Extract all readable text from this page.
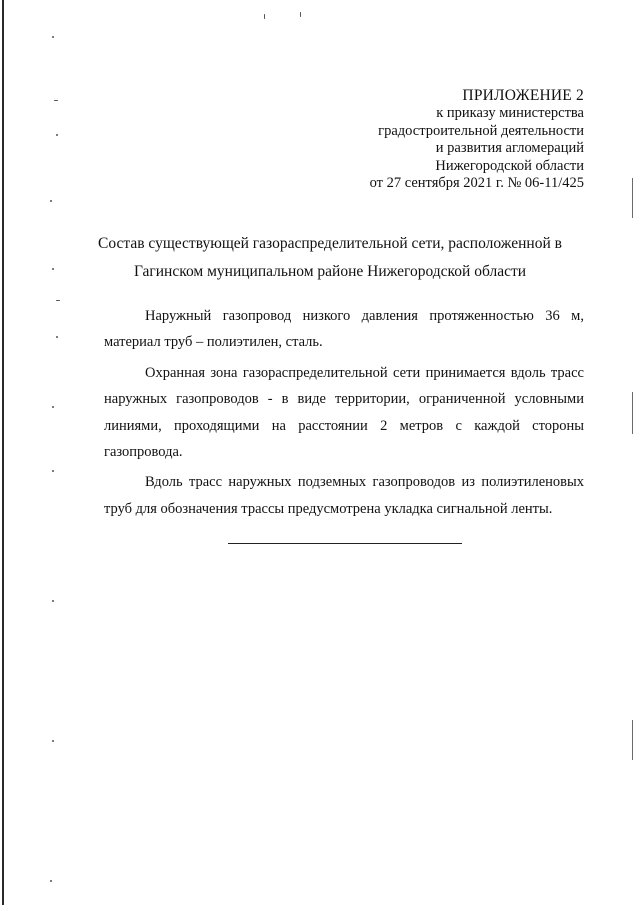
ПРИЛОЖЕНИЕ 2
к приказу министерства
градостроительной деятельности
и развития агломераций
Нижегородской области
от 27 сентября 2021 г. № 06-11/425
Состав существующей газораспределительной сети, расположенной в
Гагинском муниципальном районе Нижегородской области

Наружный газопровод низкого давления протяженностью 36 м, материал труб – полиэтилен, сталь.

Охранная зона газораспределительной сети принимается вдоль трасс наружных газопроводов - в виде территории, ограниченной условными линиями, проходящими на расстоянии 2 метров с каждой стороны газопровода.

Вдоль трасс наружных подземных газопроводов из полиэтиленовых труб для обозначения трассы предусмотрена укладка сигнальной ленты.
